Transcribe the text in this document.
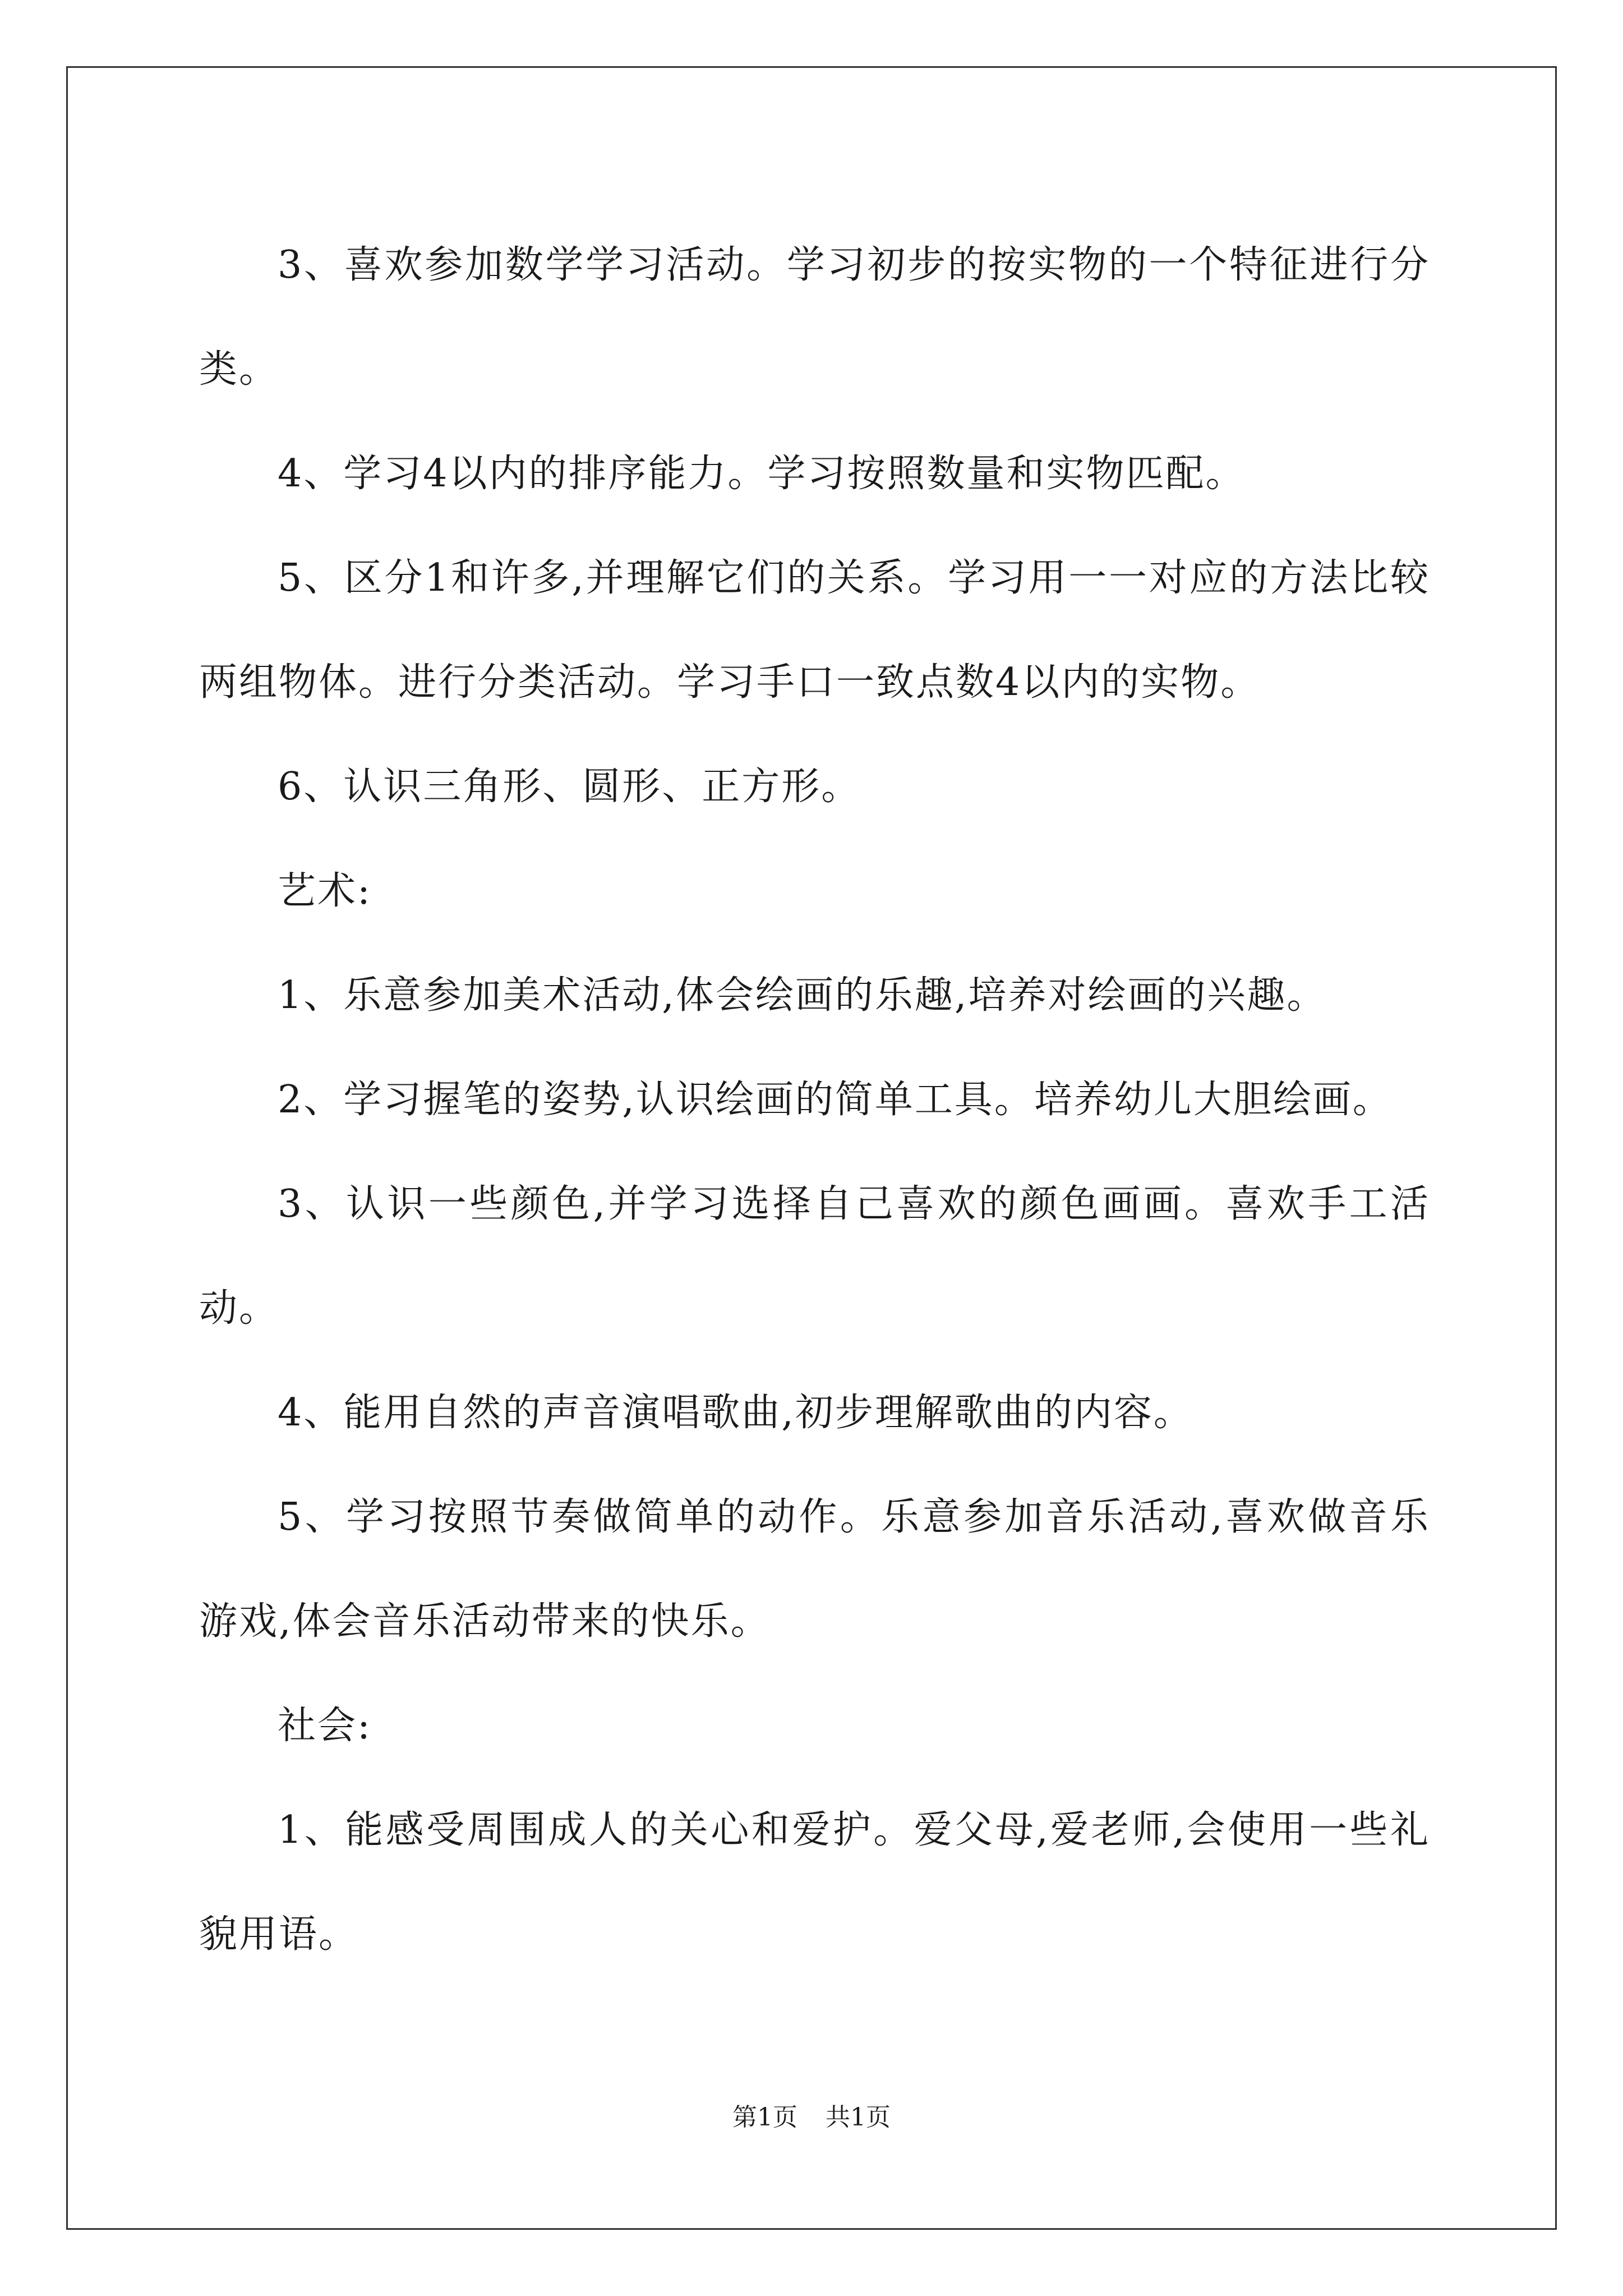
3、喜欢参加数学学习活动。学习初步的按实物的一个特征进行分类。

4、学习4以内的排序能力。学习按照数量和实物匹配。

5、区分1和许多,并理解它们的关系。学习用一一对应的方法比较两组物体。进行分类活动。学习手口一致点数4以内的实物。

6、认识三角形、圆形、正方形。

艺术:

1、乐意参加美术活动,体会绘画的乐趣,培养对绘画的兴趣。

2、学习握笔的姿势,认识绘画的简单工具。培养幼儿大胆绘画。

3、认识一些颜色,并学习选择自己喜欢的颜色画画。喜欢手工活动。

4、能用自然的声音演唱歌曲,初步理解歌曲的内容。

5、学习按照节奏做简单的动作。乐意参加音乐活动,喜欢做音乐游戏,体会音乐活动带来的快乐。

社会:

1、能感受周围成人的关心和爱护。爱父母,爱老师,会使用一些礼貌用语。

第1页 共1页
